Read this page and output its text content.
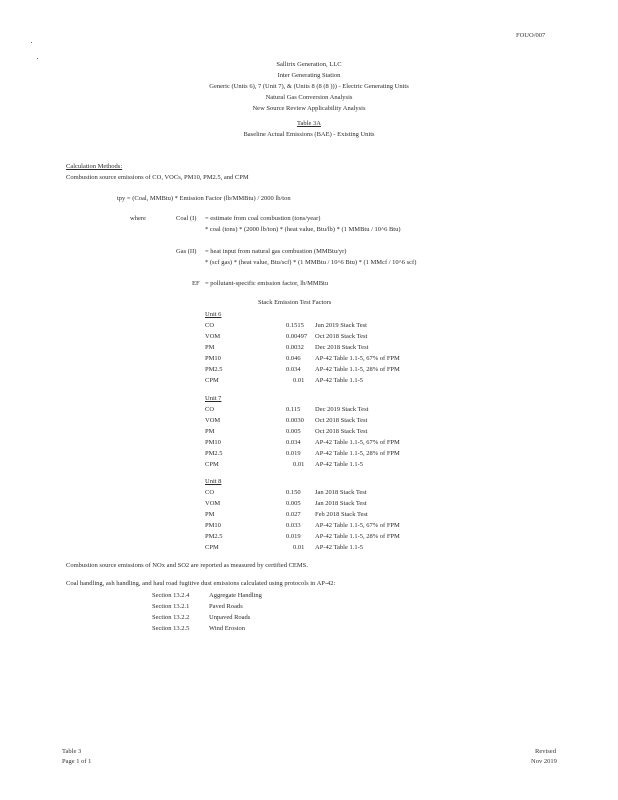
FOUO/007
Sallirix Generation, LLC
Inter Generating Station
Generic (Units 6), 7 (Unit 7), & (Units 8 (8 (8 ))) - Electric Generating Units
Natural Gas Conversion Analysis
New Source Review Applicability Analysis
Table 3A
Baseline Actual Emissions (BAE) - Existing Units
Calculation Methods:
Combustion source emissions of CO, VOCs, PM10, PM2.5, and CPM
tpy = (Coal, MMBtu) * Emission Factor (lb/MMBtu) / 2000 lb/ton
where	Coal (I) = estimate from coal combustion (tons/year)
* coal (tons) * (2000 lb/ton) * (heat value, Btu/lb) * (1 MMBtu / 10^6 Btu)
Gas (II) = heat input from natural gas combustion (MMBtu/yr)
* (scf gas) * (heat value, Btu/scf) * (1 MMBtu / 10^6 Btu) * (1 MMcf / 10^6 scf)
EF = pollutant-specific emission factor, lb/MMBtu
Stack Emission Test Factors
Unit 6
CO	0.1515 Jun 2019 Stack Test
VOM	0.00497 Oct 2018 Stack Test
PM	0.0032 Dec 2018 Stack Test
PM10	0.046 AP-42 Table 1.1-5, 67% of FPM
PM2.5	0.034 AP-42 Table 1.1-5, 28% of FPM
CPM	0.01 AP-42 Table 1.1-5
Unit 7
CO	0.115 Dec 2019 Stack Test
VOM	0.0030 Oct 2018 Stack Test
PM	0.005 Oct 2018 Stack Test
PM10	0.034 AP-42 Table 1.1-5, 67% of FPM
PM2.5	0.019 AP-42 Table 1.1-5, 28% of FPM
CPM	0.01 AP-42 Table 1.1-5
Unit 8
CO	0.150 Jan 2018 Stack Test
VOM	0.005 Jan 2018 Stack Test
PM	0.027 Feb 2018 Stack Test
PM10	0.033 AP-42 Table 1.1-5, 67% of FPM
PM2.5	0.019 AP-42 Table 1.1-5, 28% of FPM
CPM	0.01 AP-42 Table 1.1-5
Combustion source emissions of NOx and SO2 are reported as measured by certified CEMS.
Coal handling, ash handling, and haul road fugitive dust emissions calculated using protocols in AP-42:
Section 13.2.4	Aggregate Handling
Section 13.2.1	Paved Roads
Section 13.2.2	Unpaved Roads
Section 13.2.5	Wind Erosion
Table 3
Page 1 of 1
Revised
Nov 2019
